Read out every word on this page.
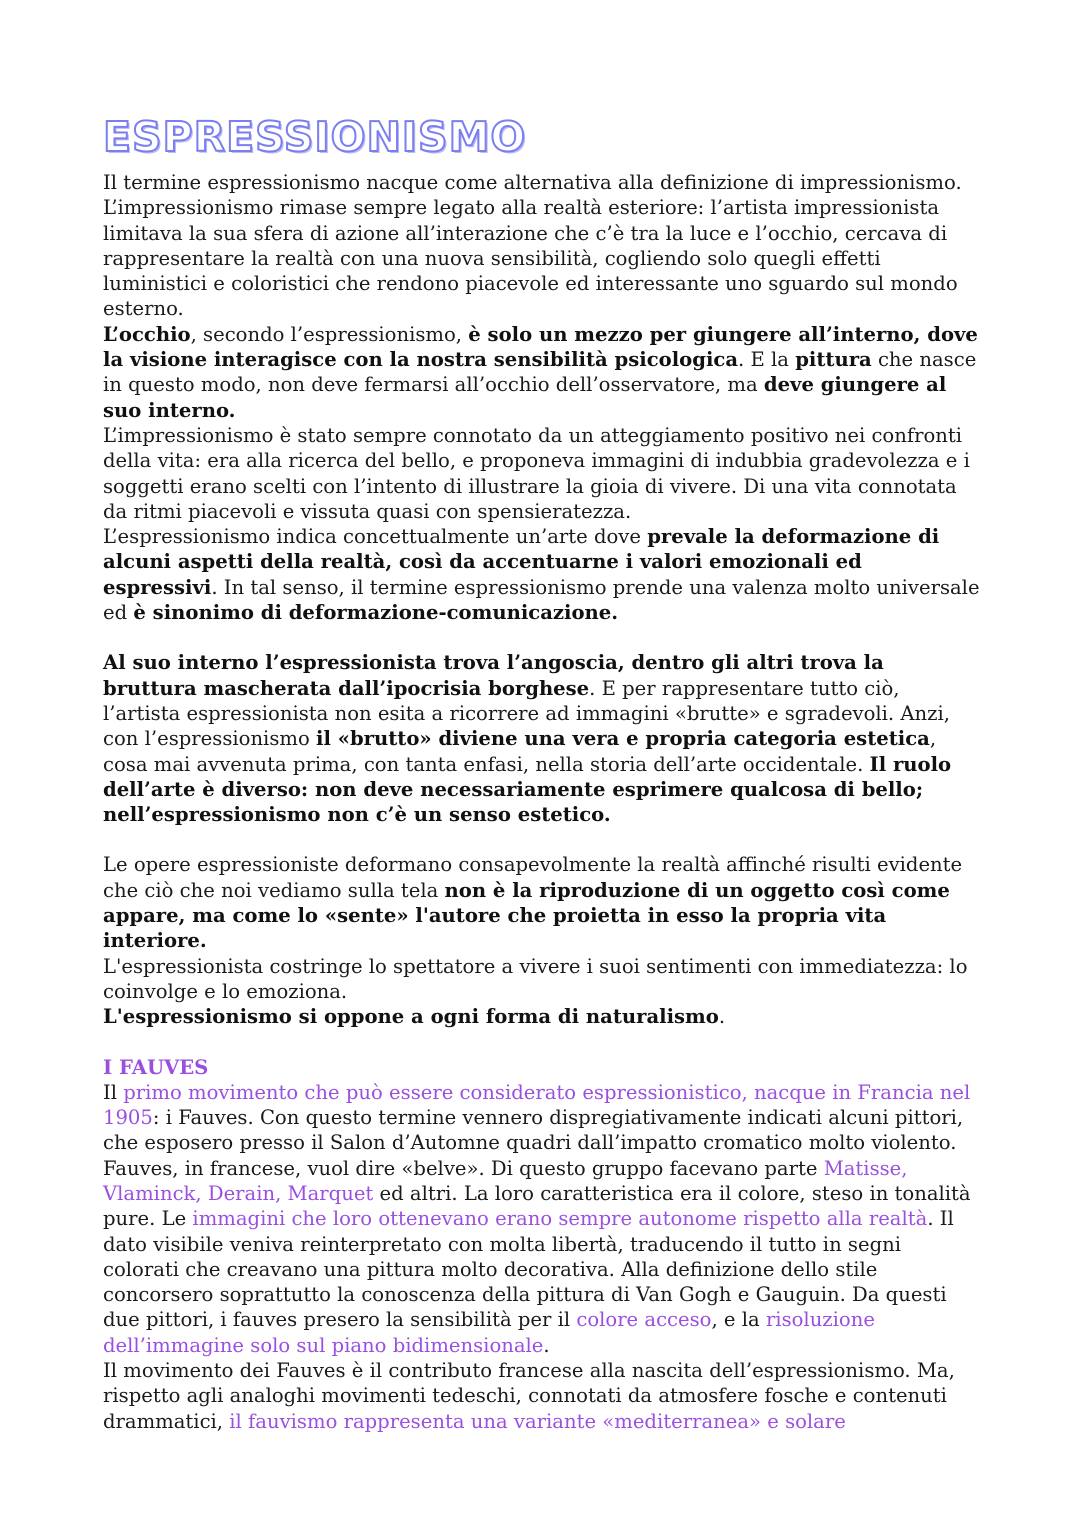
ESPRESSIONISMO

Il termine espressionismo nacque come alternativa alla definizione di impressionismo. L’impressionismo rimase sempre legato alla realtà esteriore: l’artista impressionista limitava la sua sfera di azione all’interazione che c’è tra la luce e l’occhio, cercava di rappresentare la realtà con una nuova sensibilità, cogliendo solo quegli effetti luministici e coloristici che rendono piacevole ed interessante uno sguardo sul mondo esterno.

L’occhio, secondo l’espressionismo, è solo un mezzo per giungere all’interno, dove la visione interagisce con la nostra sensibilità psicologica. E la pittura che nasce in questo modo, non deve fermarsi all’occhio dell’osservatore, ma deve giungere al suo interno.

L’impressionismo è stato sempre connotato da un atteggiamento positivo nei confronti della vita: era alla ricerca del bello, e proponeva immagini di indubbia gradevolezza e i soggetti erano scelti con l’intento di illustrare la gioia di vivere. Di una vita connotata da ritmi piacevoli e vissuta quasi con spensieratezza.

L’espressionismo indica concettualmente un’arte dove prevale la deformazione di alcuni aspetti della realtà, così da accentuarne i valori emozionali ed espressivi. In tal senso, il termine espressionismo prende una valenza molto universale ed è sinonimo di deformazione-comunicazione.

Al suo interno l’espressionista trova l’angoscia, dentro gli altri trova la bruttura mascherata dall’ipocrisia borghese. E per rappresentare tutto ciò, l’artista espressionista non esita a ricorrere ad immagini «brutte» e sgradevoli. Anzi, con l’espressionismo il «brutto» diviene una vera e propria categoria estetica, cosa mai avvenuta prima, con tanta enfasi, nella storia dell’arte occidentale. Il ruolo dell’arte è diverso: non deve necessariamente esprimere qualcosa di bello; nell’espressionismo non c’è un senso estetico.

Le opere espressioniste deformano consapevolmente la realtà affinché risulti evidente che ciò che noi vediamo sulla tela non è la riproduzione di un oggetto così come appare, ma come lo «sente» l'autore che proietta in esso la propria vita interiore.

L'espressionista costringe lo spettatore a vivere i suoi sentimenti con immediatezza: lo coinvolge e lo emoziona.

L'espressionismo si oppone a ogni forma di naturalismo.

I FAUVES

Il primo movimento che può essere considerato espressionistico, nacque in Francia nel 1905: i Fauves. Con questo termine vennero dispregiativamente indicati alcuni pittori, che esposero presso il Salon d’Automne quadri dall’impatto cromatico molto violento. Fauves, in francese, vuol dire «belve». Di questo gruppo facevano parte Matisse, Vlaminck, Derain, Marquet ed altri. La loro caratteristica era il colore, steso in tonalità pure. Le immagini che loro ottenevano erano sempre autonome rispetto alla realtà. Il dato visibile veniva reinterpretato con molta libertà, traducendo il tutto in segni colorati che creavano una pittura molto decorativa. Alla definizione dello stile concorsero soprattutto la conoscenza della pittura di Van Gogh e Gauguin. Da questi due pittori, i fauves presero la sensibilità per il colore acceso, e la risoluzione dell’immagine solo sul piano bidimensionale.

Il movimento dei Fauves è il contributo francese alla nascita dell’espressionismo. Ma, rispetto agli analoghi movimenti tedeschi, connotati da atmosfere fosche e contenuti drammatici, il fauvismo rappresenta una variante «mediterranea» e solare
